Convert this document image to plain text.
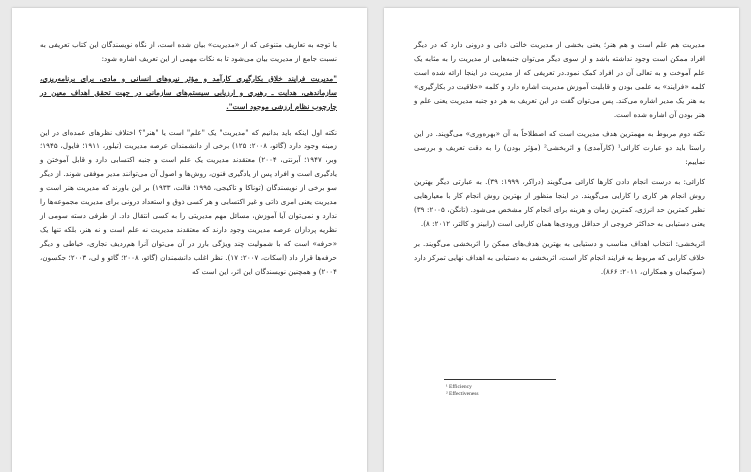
با توجه به تعاریف متنوعی که از «مدیریت» بیان شده است، از نگاه نویسندگان این کتاب تعریفی به نسبت جامع از مدیریت بیان می‌شود تا به نکات مهمی از این تعریف اشاره شود:

"مدیریت فرایند خلاق بکارگیری کارآمد و مؤثر نیروهای انسانی و مادی، برای برنامه‌ریزی، سازماندهی، هدایت ـ رهبری و ارزیابی سیستم‌های سازمانی در جهت تحقق اهداف معین در چارچوب نظام ارزشی موجود است".

نکته اول اینکه باید بدانیم که "مدیریت" یک "علم" است یا "هنر"؟ اختلاف نظرهای عمده‌ای در این زمینه وجود دارد (گائو، ۲۰۰۸: ۱۲۵) برخی از دانشمندان عرصه مدیریت (تیلور، ۱۹۱۱؛ فایول، ۱۹۴۵؛ وبر، ۱۹۴۷؛ آبرنتی، ۲۰۰۴) معتقدند مدیریت یک علم است و جنبه اکتسابی دارد و قابل آموختن و یادگیری است و افراد پس از یادگیری فنون، روش‌ها و اصول آن می‌توانند مدیر موفقی شوند. از دیگر سو برخی از نویسندگان (توناکا و تاکیجی، ۱۹۹۵؛ فالت، ۱۹۳۳) بر این باورند که مدیریت هنر است و مدیریت یعنی امری ذاتی و غیر اکتسابی و هر کسی ذوق و استعداد درونی برای مدیریت مجموعه‌ها را ندارد و نمی‌توان آیا آموزش، مسائل مهم مدیریتی را به کسی انتقال داد. از طرفی دسته سومی از نظریه پردازان عرصه مدیریت وجود دارند که معتقدند مدیریت نه علم است و نه هنر، بلکه تنها یک «حرفه» است که با شمولیت چند ویژگی بارز در آن می‌توان آنرا هم‌ردیف نجاری، خیاطی و دیگر حرفه‌ها قرار داد (اسکات، ۲۰۰۷: ۱۷). نظر اغلب دانشمندان (گائو، ۲۰۰۸؛ گائو و لی، ۲۰۰۳؛ جکسون، ۲۰۰۴) و همچنین نویسندگان این اثر، این است که

مدیریت هم علم است و هم هنر؛ یعنی بخشی از مدیریت خالتی ذاتی و درونی دارد که در دیگر افراد ممکن است وجود نداشته باشد و از سوی دیگر می‌توان جنبه‌هایی از مدیریت را به مثابه یک علم آموخت و به تعالی آن در افراد کمک نمود.در تعریفی که از مدیریت در اینجا ارائه شده است کلمه «فرایند» به علمی بودن و قابلیت آموزش مدیریت اشاره دارد و کلمه «خلاقیت در بکارگیری» به هنر یک مدیر اشاره می‌کند. پس می‌توان گفت در این تعریف به هر دو جنبه مدیریت یعنی علم و هنر بودن آن اشاره شده است.

نکته دوم مربوط به مهمترین هدف مدیریت است که اصطلاحاً به آن «بهره‌وری» می‌گویند. در این راستا باید دو عبارت کارائی¹ (کارآمدی) و اثربخشی² (مؤثر بودن) را به دقت تعریف و بررسی نماییم:

کارائی: به درست انجام دادن کارها کارائی می‌گویند (دراکر، ۱۹۹۹: ۳۹). به عبارتی دیگر بهترین روش انجام هر کاری را کارایی می‌گویند. در اینجا منظور از بهترین روش انجام کار با معیارهایی نظیر کمترین حد انرژی، کمترین زمان و هزینه برای انجام کار مشخص می‌شود. (تانگن، ۲۰۰۵: ۳۹) یعنی دستیابی به حداکثر خروجی از حداقل ورودی‌ها همان کارایی است (رابینز و کالتر، ۲۰۱۲: ۸).

اثربخشی: انتخاب اهداف مناسب و دستیابی به بهترین هدف‌های ممکن را اثربخشی می‌گویند. بر خلاف کارایی که مربوط به فرایند انجام کار است، اثربخشی به دستیابی به اهداف نهایی تمرکز دارد (سوکیمان و همکاران، ۲۰۱۱: ۸۶۶).

¹ Efficiency
² Effectiveness
